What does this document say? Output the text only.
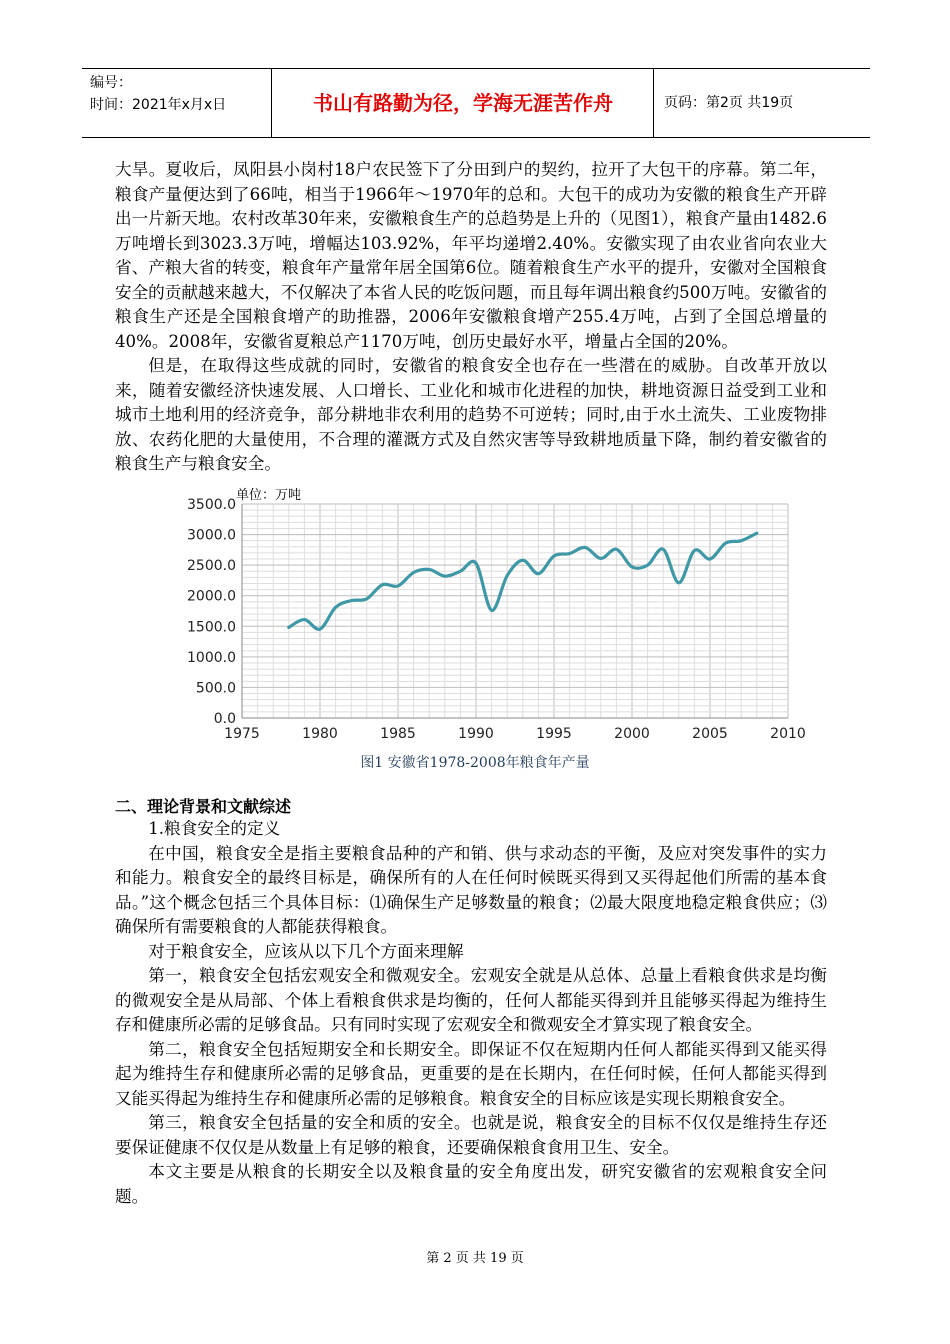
编号：
时间：2021年x月x日	书山有路勤为径，学海无涯苦作舟	页码：第2页 共19页

大旱。夏收后，凤阳县小岗村18户农民签下了分田到户的契约，拉开了大包干的序幕。第二年，粮食产量便达到了66吨，相当于1966年～1970年的总和。大包干的成功为安徽的粮食生产开辟出一片新天地。农村改革30年来，安徽粮食生产的总趋势是上升的（见图1），粮食产量由1482.6万吨增长到3023.3万吨，增幅达103.92%，年平均递增2.40%。安徽实现了由农业省向农业大省、产粮大省的转变，粮食年产量常年居全国第6位。随着粮食生产水平的提升，安徽对全国粮食安全的贡献越来越大，不仅解决了本省人民的吃饭问题，而且每年调出粮食约500万吨。安徽省的粮食生产还是全国粮食增产的助推器，2006年安徽粮食增产255.4万吨，占到了全国总增量的40%。2008年，安徽省夏粮总产1170万吨，创历史最好水平，增量占全国的20%。

但是，在取得这些成就的同时，安徽省的粮食安全也存在一些潜在的威胁。自改革开放以来，随着安徽经济快速发展、人口增长、工业化和城市化进程的加快，耕地资源日益受到工业和城市土地利用的经济竞争，部分耕地非农利用的趋势不可逆转；同时,由于水土流失、工业废物排放、农药化肥的大量使用，不合理的灌溉方式及自然灾害等导致耕地质量下降，制约着安徽省的粮食生产与粮食安全。

0.0
500.0
1000.0
1500.0
2000.0
2500.0
3000.0
3500.0
1975	1980	1985	1990	1995	2000	2005	2010
单位：万吨
图1 安徽省1978-2008年粮食年产量
二、理论背景和文献综述

1.粮食安全的定义

在中国，粮食安全是指主要粮食品种的产和销、供与求动态的平衡，及应对突发事件的实力和能力。粮食安全的最终目标是，确保所有的人在任何时候既买得到又买得起他们所需的基本食品。”这个概念包括三个具体目标：⑴确保生产足够数量的粮食；⑵最大限度地稳定粮食供应；⑶确保所有需要粮食的人都能获得粮食。

对于粮食安全，应该从以下几个方面来理解

第一，粮食安全包括宏观安全和微观安全。宏观安全就是从总体、总量上看粮食供求是均衡的微观安全是从局部、个体上看粮食供求是均衡的，任何人都能买得到并且能够买得起为维持生存和健康所必需的足够食品。只有同时实现了宏观安全和微观安全才算实现了粮食安全。

第二，粮食安全包括短期安全和长期安全。即保证不仅在短期内任何人都能买得到又能买得起为维持生存和健康所必需的足够食品，更重要的是在长期内，在任何时候，任何人都能买得到又能买得起为维持生存和健康所必需的足够粮食。粮食安全的目标应该是实现长期粮食安全。

第三，粮食安全包括量的安全和质的安全。也就是说，粮食安全的目标不仅仅是维持生存还要保证健康不仅仅是从数量上有足够的粮食，还要确保粮食食用卫生、安全。

本文主要是从粮食的长期安全以及粮食量的安全角度出发，研究安徽省的宏观粮食安全问题。

第 2 页 共 19 页
